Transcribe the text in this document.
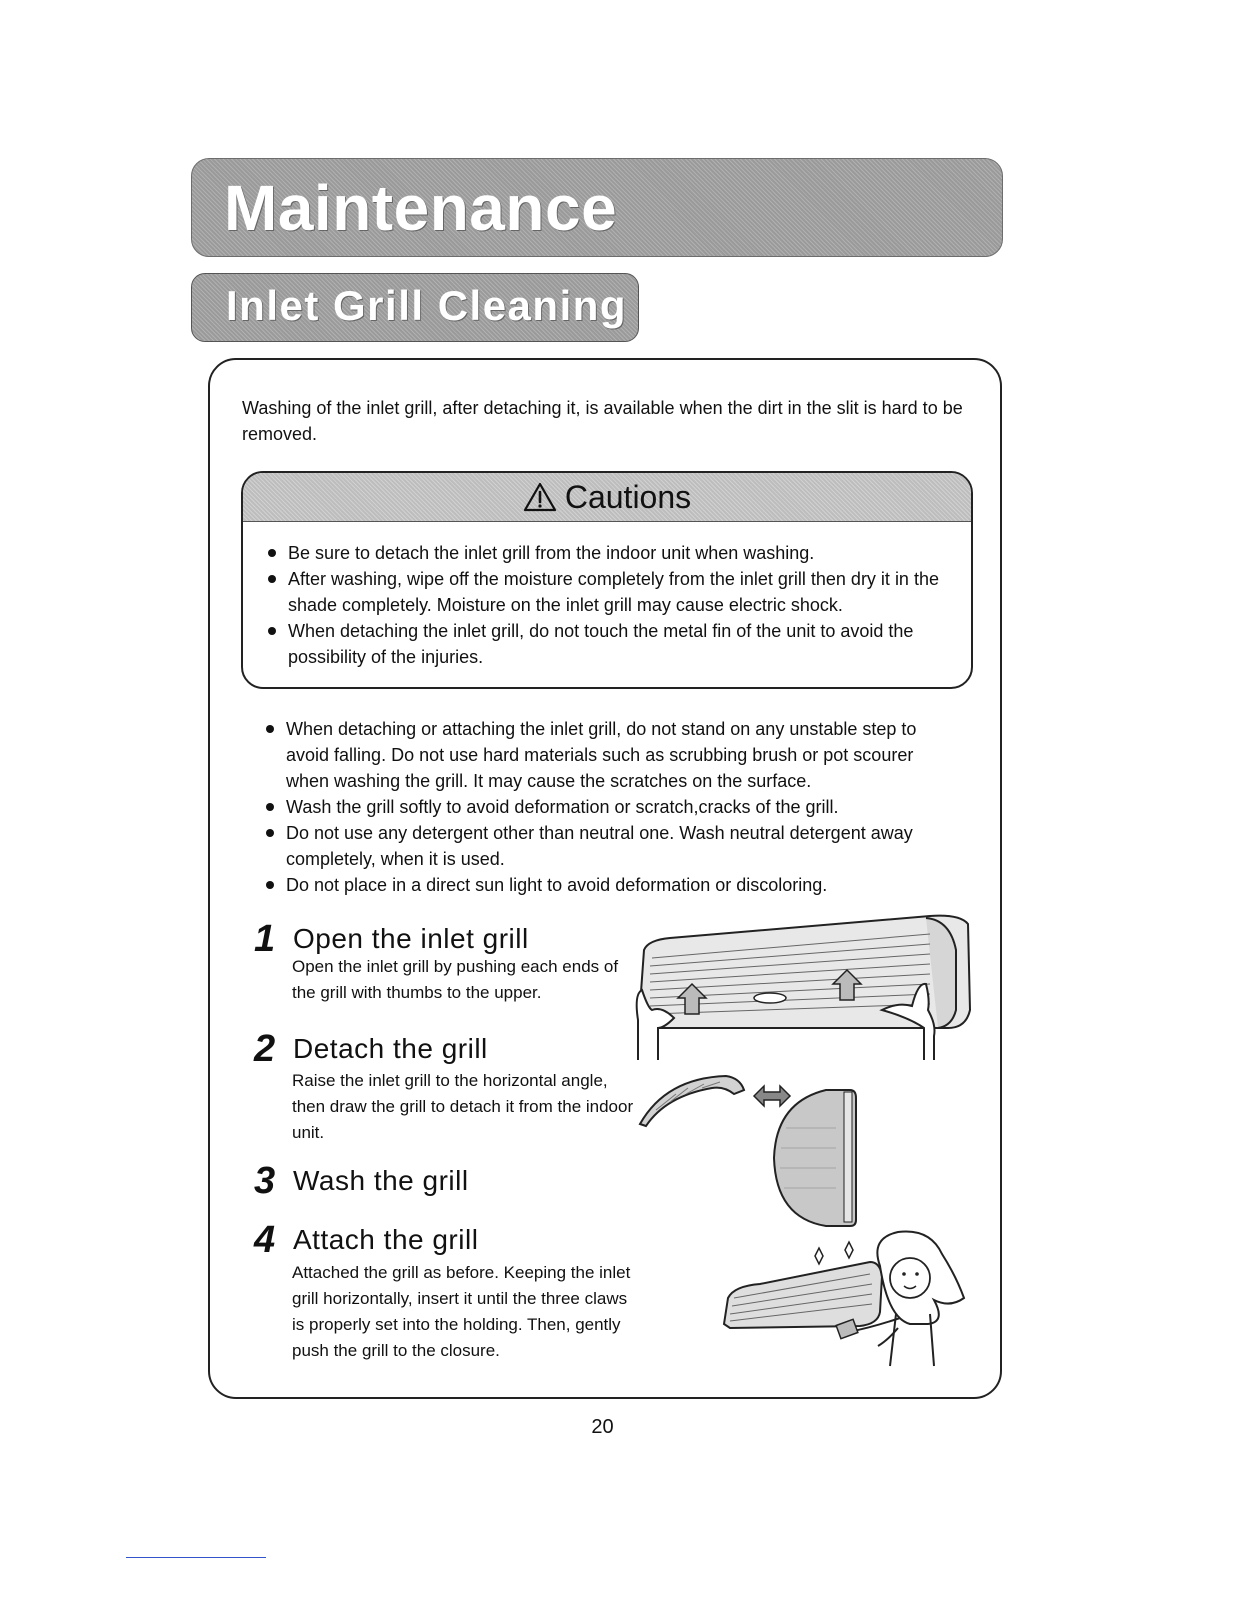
Maintenance
Inlet Grill Cleaning
Washing of the inlet grill, after detaching it, is available when the dirt in the slit is hard to be removed.
Cautions
Be sure to detach the inlet grill from the indoor unit when washing.
After washing, wipe off the moisture completely from the inlet grill then dry it in the shade completely. Moisture on the inlet grill may cause electric shock.
When detaching the inlet grill, do not touch the metal fin of the unit to avoid the possibility of the injuries.
When detaching or attaching the inlet grill, do not stand on any unstable step to avoid falling. Do not use hard materials such as scrubbing brush or pot scourer when washing the grill. It may cause the scratches on the surface.
Wash the grill softly to avoid deformation or scratch,cracks of the grill.
Do not use any detergent other than neutral one. Wash neutral detergent away completely, when it is used.
Do not place in a direct sun light to avoid deformation or discoloring.
1 Open the inlet grill
Open the inlet grill by pushing each ends of the grill with thumbs to the upper.
2 Detach the grill
Raise the inlet grill to the horizontal angle, then draw the grill to detach it from the indoor unit.
3 Wash the grill
4 Attach the grill
Attached the grill as before. Keeping the inlet grill horizontally, insert it until the three claws is properly set into the holding. Then, gently push the grill to the closure.
20
